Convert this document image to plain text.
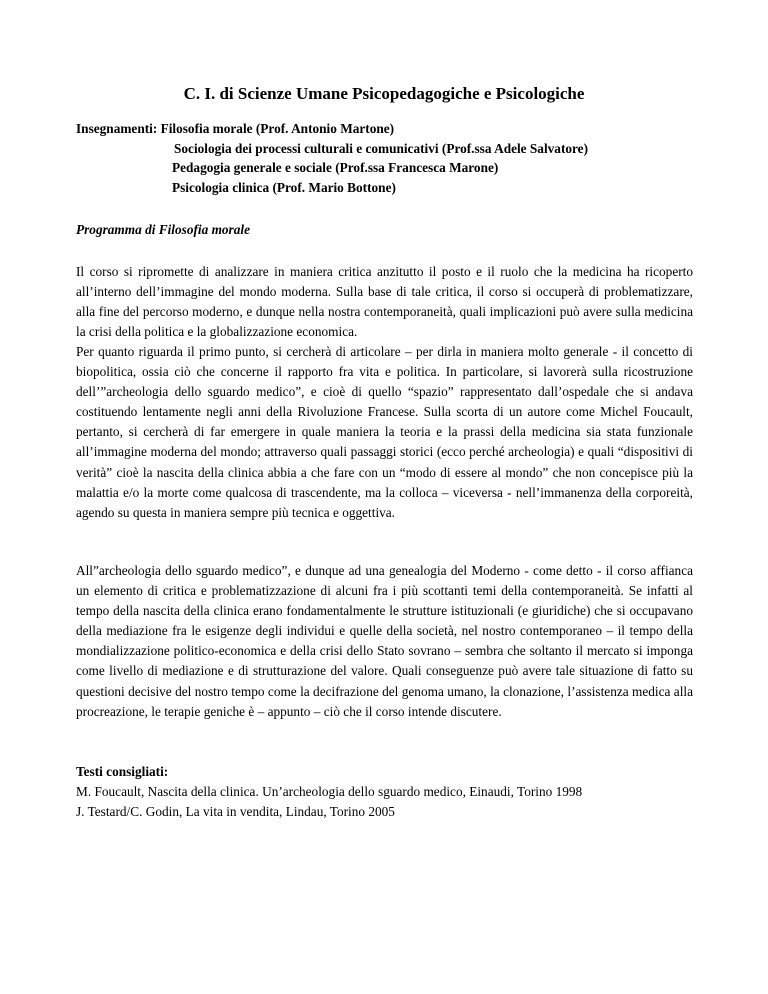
C. I. di Scienze Umane Psicopedagogiche e Psicologiche
Insegnamenti: Filosofia morale (Prof. Antonio Martone)
Sociologia dei processi culturali e comunicativi (Prof.ssa Adele Salvatore)
Pedagogia generale e sociale (Prof.ssa Francesca Marone)
Psicologia clinica (Prof. Mario Bottone)
Programma di Filosofia morale

Il corso si ripromette di analizzare in maniera critica anzitutto il posto e il ruolo che la medicina ha ricoperto all’interno dell’immagine del mondo moderna. Sulla base di tale critica, il corso si occuperà di problematizzare, alla fine del percorso moderno, e dunque nella nostra contemporaneità, quali implicazioni può avere sulla medicina la crisi della politica e la globalizzazione economica.

Per quanto riguarda il primo punto, si cercherà di articolare – per dirla in maniera molto generale - il concetto di biopolitica, ossia ciò che concerne il rapporto fra vita e politica. In particolare, si lavorerà sulla ricostruzione dell’”archeologia dello sguardo medico”, e cioè di quello “spazio” rappresentato dall’ospedale che si andava costituendo lentamente negli anni della Rivoluzione Francese. Sulla scorta di un autore come Michel Foucault, pertanto, si cercherà di far emergere in quale maniera la teoria e la prassi della medicina sia stata funzionale all’immagine moderna del mondo; attraverso quali passaggi storici (ecco perché archeologia) e quali “dispositivi di verità” cioè la nascita della clinica abbia a che fare con un “modo di essere al mondo” che non concepisce più la malattia e/o la morte come qualcosa di trascendente, ma la colloca – viceversa - nell’immanenza della corporeità, agendo su questa in maniera sempre più tecnica e oggettiva.

All”archeologia dello sguardo medico”, e dunque ad una genealogia del Moderno - come detto - il corso affianca un elemento di critica e problematizzazione di alcuni fra i più scottanti temi della contemporaneità. Se infatti al tempo della nascita della clinica erano fondamentalmente le strutture istituzionali (e giuridiche) che si occupavano della mediazione fra le esigenze degli individui e quelle della società, nel nostro contemporaneo – il tempo della mondializzazione politico-economica e della crisi dello Stato sovrano – sembra che soltanto il mercato si imponga come livello di mediazione e di strutturazione del valore. Quali conseguenze può avere tale situazione di fatto su questioni decisive del nostro tempo come la decifrazione del genoma umano, la clonazione, l’assistenza medica alla procreazione, le terapie geniche è – appunto – ciò che il corso intende discutere.

Testi consigliati:
M. Foucault, Nascita della clinica. Un’archeologia dello sguardo medico, Einaudi, Torino 1998
J. Testard/C. Godin, La vita in vendita, Lindau, Torino 2005
